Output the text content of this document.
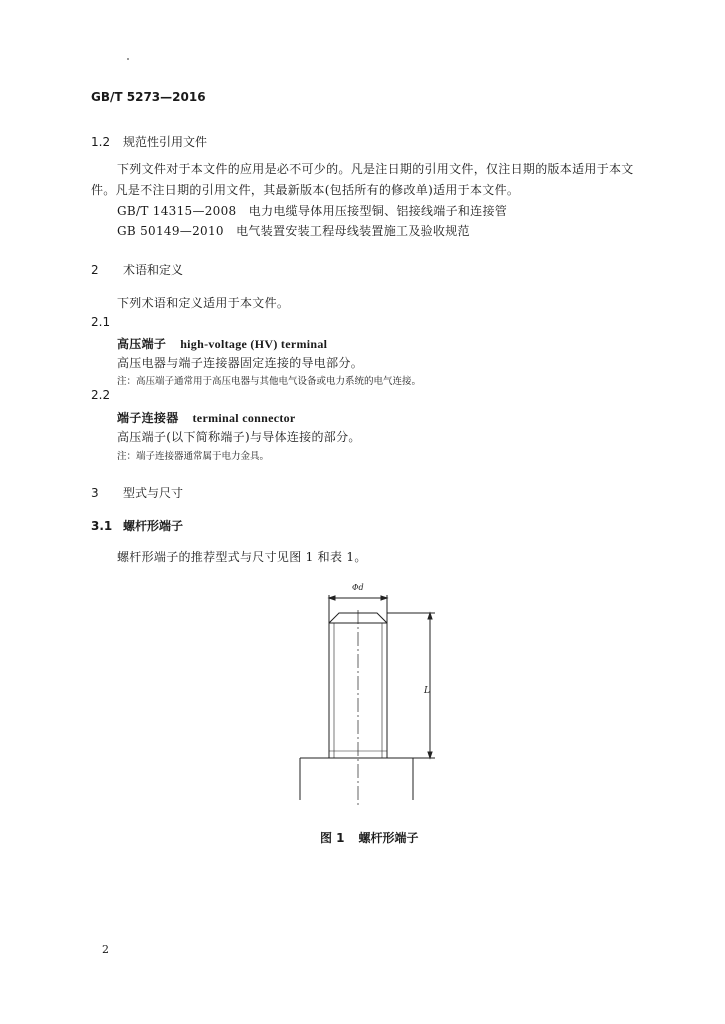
GB/T 5273—2016
1.2 规范性引用文件
下列文件对于本文件的应用是必不可少的。凡是注日期的引用文件，仅注日期的版本适用于本文
件。凡是不注日期的引用文件，其最新版本(包括所有的修改单)适用于本文件。
GB/T 14315—2008　电力电缆导体用压接型铜、铝接线端子和连接管
GB 50149—2010　电气装置安装工程母线装置施工及验收规范
2 术语和定义
下列术语和定义适用于本文件。
2.1
高压端子 high-voltage (HV) terminal
高压电器与端子连接器固定连接的导电部分。
注：高压端子通常用于高压电器与其他电气设备或电力系统的电气连接。
2.2
端子连接器 terminal connector
高压端子(以下简称端子)与导体连接的部分。
注：端子连接器通常属于电力金具。
3 型式与尺寸
3.1 螺杆形端子
螺杆形端子的推荐型式与尺寸见图 1 和表 1。
Φd
L
图 1 螺杆形端子
2
